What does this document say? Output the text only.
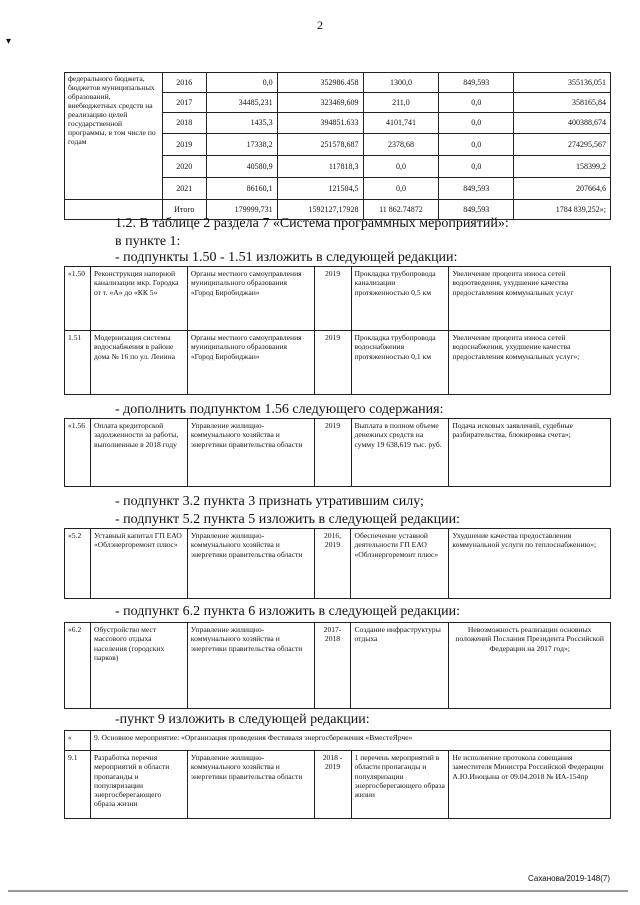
▾
2
федерального бюджета, бюджетов муниципальных образований, внебюджетных средств на реализацию целей государственной программы, в том числе по годам	2016	0,0	352986.458	1300,0	849,593	355136,051
	2017	34485,231	323469,609	211,0	0,0	358165,84
	2018	1435,3	394851.633	4101,741	0,0	400388,674
	2019	17338,2	251578,687	2378,68	0,0	274295,567
	2020	40580,9	117818,3	0,0	0,0	158399,2
	2021	86160,1	121504,5	0,0	849,593	207664,6
	Итого	179999,731	1592127,17928	11 862.74872	849,593	1784 839,252»;
1.2. В таблице 2 раздела 7 «Система программных мероприятий»:
в пункте 1:
- подпункты 1.50 - 1.51 изложить в следующей редакции:
«1.50	Реконструкция напорной канализации мкр. Городка от т. «А» до «КК 5»	Органы местного самоуправления муниципального образования «Город Биробиджан»	2019	Прокладка трубопровода канализации протяженностью 0,5 км	Увеличение процента износа сетей водоотведения, ухудшение качества предоставления коммунальных услуг
1.51	Модернизация системы водоснабжения в районе дома № 16 по ул. Ленина	Органы местного самоуправления муниципального образования «Город Биробиджан»	2019	Прокладка трубопровода водоснабжения протяженностью 0,1 км	Увеличение процента износа сетей водоснабжения, ухудшение качества предоставления коммунальных услуг»;
- дополнить подпунктом 1.56 следующего содержания:
«1.56	Оплата кредиторской задолженности за работы, выполненные в 2018 году	Управление жилищно-коммунального хозяйства и энергетики правительства области	2019	Выплата в полном объеме денежных средств на сумму 19 638,619 тыс. руб.	Подача исковых заявлений, судебные разбирательства, блокировка счета»;
- подпункт 3.2 пункта 3 признать утратившим силу;
- подпункт 5.2 пункта 5 изложить в следующей редакции:
«5.2	Уставный капитал ГП ЕАО «Облэнергоремонт плюс»	Управление жилищно-коммунального хозяйства и энергетики правительства области	2016, 2019	Обеспечение уставной деятельности ГП ЕАО «Облэнергоремонт плюс»	Ухудшение качества предоставления коммунальной услуги по теплоснабжению»;
- подпункт 6.2 пункта 6 изложить в следующей редакции:
«6.2	Обустройство мест массового отдыха населения (городских парков)	Управление жилищно-коммунального хозяйства и энергетики правительства области	2017-2018	Создание инфраструктуры отдыха	Невозможность реализации основных положений Послания Президента Российской Федерации на 2017 год»;
-пункт 9 изложить в следующей редакции:
«	9. Основное мероприятие: «Организация проведения Фестиваля энергосбережения «ВместеЯрче»				
9.1	Разработка перечня мероприятий в области пропаганды и популяризации энергосберегающего образа жизни	Управление жилищно-коммунального хозяйства и энергетики правительства области	2018 - 2019	1 перечень мероприятий в области пропаганды и популяризации энергосберегающего образа жизни	Не исполнение протокола совещания заместителя Министра Российской Федерации А.Ю.Иноцына от 09.04.2018 № ИА-154пр
Саханова/2019-148(7)
